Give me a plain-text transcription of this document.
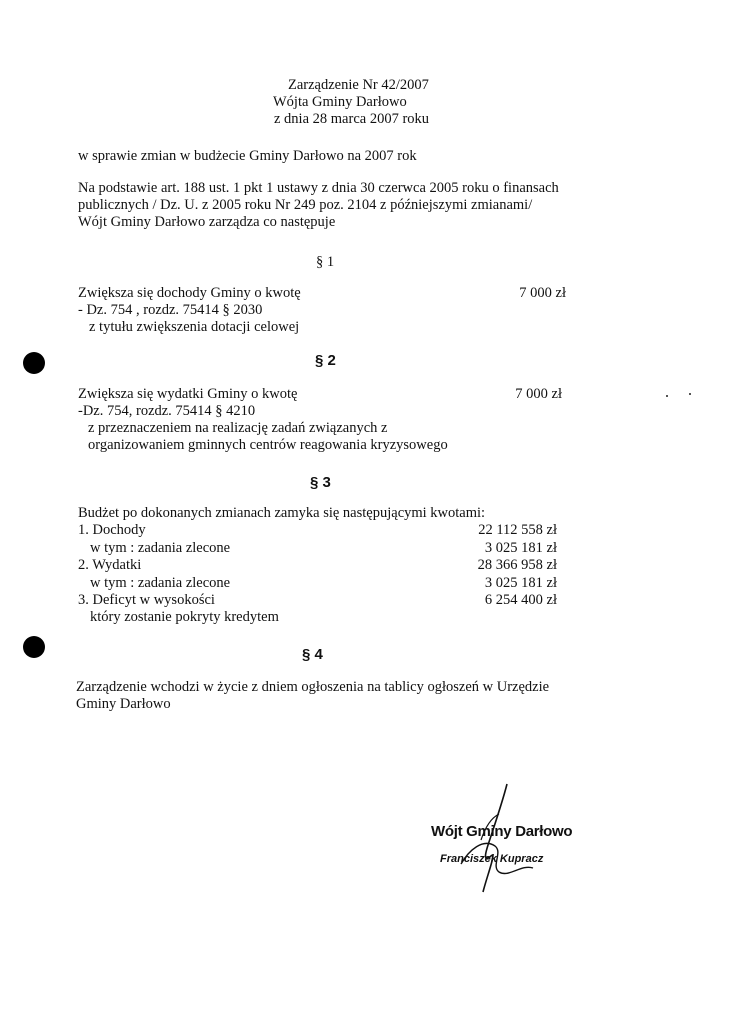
Zarządzenie Nr 42/2007
Wójta Gminy Darłowo
z dnia 28 marca 2007 roku
w sprawie zmian w budżecie Gminy Darłowo na 2007 rok
Na podstawie art. 188 ust. 1 pkt 1 ustawy z dnia 30 czerwca 2005 roku o finansach
publicznych / Dz. U. z 2005 roku Nr 249 poz. 2104 z późniejszymi zmianami/
Wójt Gminy Darłowo zarządza co następuje
§ 1
Zwiększa się dochody Gminy o kwotę	7 000 zł
- Dz. 754 , rozdz. 75414 § 2030
z tytułu zwiększenia dotacji celowej
§ 2
Zwiększa się wydatki Gminy o kwotę	7 000 zł
-Dz. 754, rozdz. 75414 § 4210
z przeznaczeniem na realizację zadań związanych z
organizowaniem gminnych centrów reagowania kryzysowego
§ 3
Budżet po dokonanych zmianach zamyka się następującymi kwotami:
1. Dochody	22 112 558 zł
w tym : zadania zlecone	3 025 181 zł
2. Wydatki	28 366 958 zł
w tym : zadania zlecone	3 025 181 zł
3. Deficyt w wysokości	6 254 400 zł
który zostanie pokryty kredytem
§ 4
Zarządzenie wchodzi w życie z dniem ogłoszenia na tablicy ogłoszeń w Urzędzie
Gminy Darłowo
Wójt Gminy Darłowo
Franciszek Kupracz
